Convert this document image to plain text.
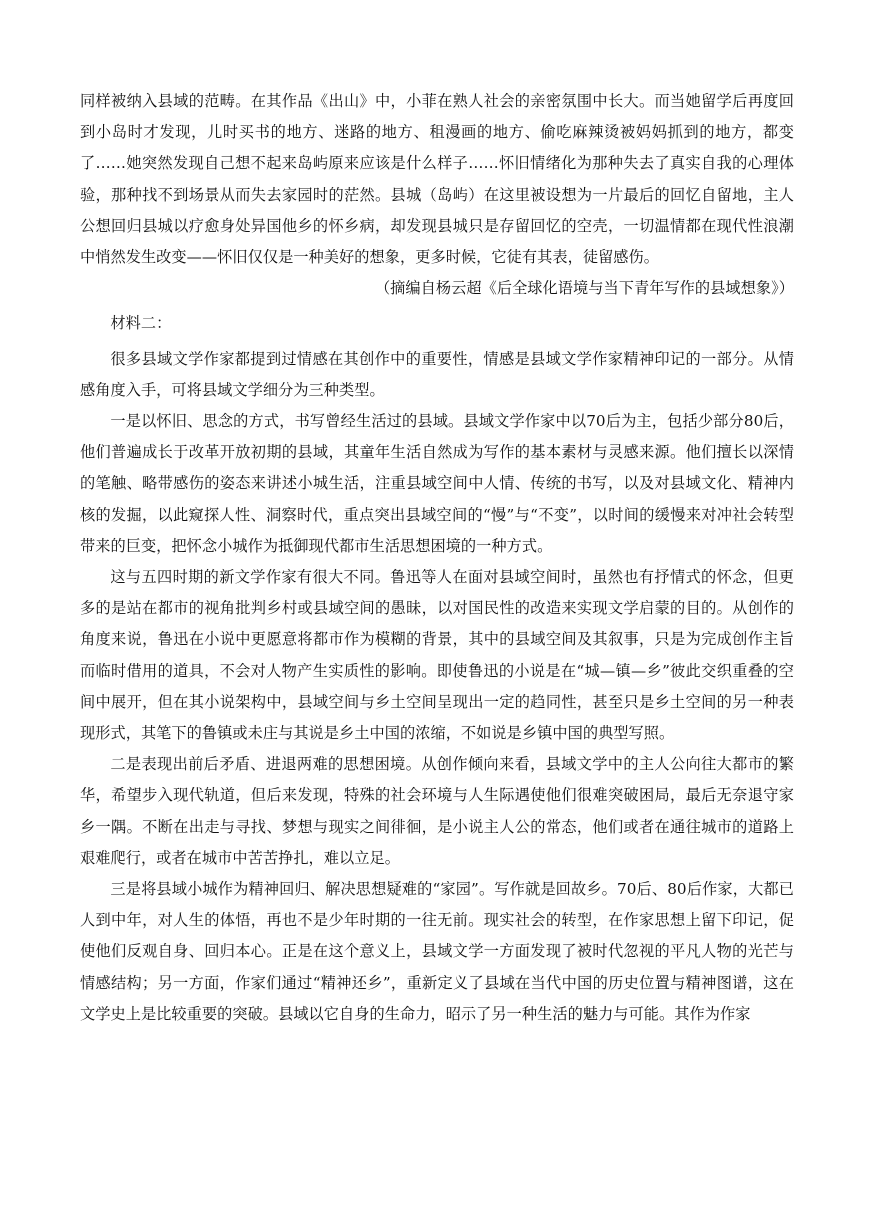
同样被纳入县域的范畴。在其作品《出山》中，小菲在熟人社会的亲密氛围中长大。而当她留学后再度回到小岛时才发现，儿时买书的地方、迷路的地方、租漫画的地方、偷吃麻辣烫被妈妈抓到的地方，都变了……她突然发现自己想不起来岛屿原来应该是什么样子……怀旧情绪化为那种失去了真实自我的心理体验，那种找不到场景从而失去家园时的茫然。县城（岛屿）在这里被设想为一片最后的回忆自留地，主人公想回归县城以疗愈身处异国他乡的怀乡病，却发现县城只是存留回忆的空壳，一切温情都在现代性浪潮中悄然发生改变——怀旧仅仅是一种美好的想象，更多时候，它徒有其表，徒留感伤。

（摘编自杨云超《后全球化语境与当下青年写作的县域想象》）

材料二：

很多县域文学作家都提到过情感在其创作中的重要性，情感是县域文学作家精神印记的一部分。从情感角度入手，可将县域文学细分为三种类型。

一是以怀旧、思念的方式，书写曾经生活过的县域。县域文学作家中以70后为主，包括少部分80后，他们普遍成长于改革开放初期的县域，其童年生活自然成为写作的基本素材与灵感来源。他们擅长以深情的笔触、略带感伤的姿态来讲述小城生活，注重县域空间中人情、传统的书写，以及对县域文化、精神内核的发掘，以此窥探人性、洞察时代，重点突出县域空间的“慢”与“不变”，以时间的缓慢来对冲社会转型带来的巨变，把怀念小城作为抵御现代都市生活思想困境的一种方式。

这与五四时期的新文学作家有很大不同。鲁迅等人在面对县域空间时，虽然也有抒情式的怀念，但更多的是站在都市的视角批判乡村或县域空间的愚昧，以对国民性的改造来实现文学启蒙的目的。从创作的角度来说，鲁迅在小说中更愿意将都市作为模糊的背景，其中的县域空间及其叙事，只是为完成创作主旨而临时借用的道具，不会对人物产生实质性的影响。即使鲁迅的小说是在“城—镇—乡”彼此交织重叠的空间中展开，但在其小说架构中，县域空间与乡土空间呈现出一定的趋同性，甚至只是乡土空间的另一种表现形式，其笔下的鲁镇或未庄与其说是乡土中国的浓缩，不如说是乡镇中国的典型写照。

二是表现出前后矛盾、进退两难的思想困境。从创作倾向来看，县域文学中的主人公向往大都市的繁华，希望步入现代轨道，但后来发现，特殊的社会环境与人生际遇使他们很难突破困局，最后无奈退守家乡一隅。不断在出走与寻找、梦想与现实之间徘徊，是小说主人公的常态，他们或者在通往城市的道路上艰难爬行，或者在城市中苦苦挣扎，难以立足。

三是将县域小城作为精神回归、解决思想疑难的“家园”。写作就是回故乡。70后、80后作家，大都已人到中年，对人生的体悟，再也不是少年时期的一往无前。现实社会的转型，在作家思想上留下印记，促使他们反观自身、回归本心。正是在这个意义上，县域文学一方面发现了被时代忽视的平凡人物的光芒与情感结构；另一方面，作家们通过“精神还乡”，重新定义了县域在当代中国的历史位置与精神图谱，这在文学史上是比较重要的突破。县域以它自身的生命力，昭示了另一种生活的魅力与可能。其作为作家
